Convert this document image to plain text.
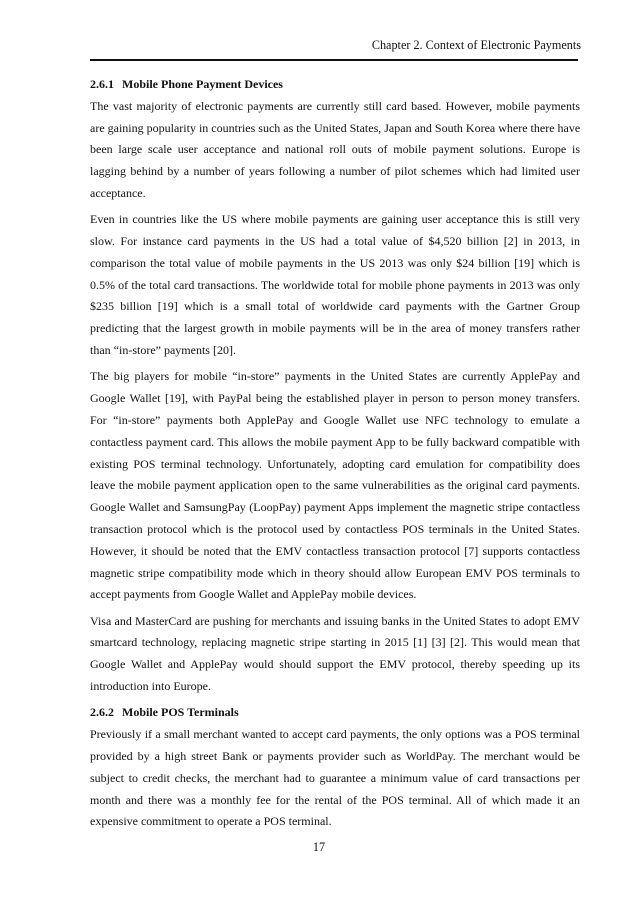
Chapter 2. Context of Electronic Payments
2.6.1 Mobile Phone Payment Devices
The vast majority of electronic payments are currently still card based. However, mobile payments
are gaining popularity in countries such as the United States, Japan and South Korea where there have
been large scale user acceptance and national roll outs of mobile payment solutions. Europe is
lagging behind by a number of years following a number of pilot schemes which had limited user
acceptance.
Even in countries like the US where mobile payments are gaining user acceptance this is still very
slow. For instance card payments in the US had a total value of $4,520 billion [2] in 2013, in
comparison the total value of mobile payments in the US 2013 was only $24 billion [19] which is
0.5% of the total card transactions. The worldwide total for mobile phone payments in 2013 was only
$235 billion [19] which is a small total of worldwide card payments with the Gartner Group
predicting that the largest growth in mobile payments will be in the area of money transfers rather
than “in-store” payments [20].
The big players for mobile “in-store” payments in the United States are currently ApplePay and
Google Wallet [19], with PayPal being the established player in person to person money transfers.
For “in-store” payments both ApplePay and Google Wallet use NFC technology to emulate a
contactless payment card. This allows the mobile payment App to be fully backward compatible with
existing POS terminal technology. Unfortunately, adopting card emulation for compatibility does
leave the mobile payment application open to the same vulnerabilities as the original card payments.
Google Wallet and SamsungPay (LoopPay) payment Apps implement the magnetic stripe contactless
transaction protocol which is the protocol used by contactless POS terminals in the United States.
However, it should be noted that the EMV contactless transaction protocol [7] supports contactless
magnetic stripe compatibility mode which in theory should allow European EMV POS terminals to
accept payments from Google Wallet and ApplePay mobile devices.
Visa and MasterCard are pushing for merchants and issuing banks in the United States to adopt EMV
smartcard technology, replacing magnetic stripe starting in 2015 [1] [3] [2]. This would mean that
Google Wallet and ApplePay would should support the EMV protocol, thereby speeding up its
introduction into Europe.
2.6.2 Mobile POS Terminals
Previously if a small merchant wanted to accept card payments, the only options was a POS terminal
provided by a high street Bank or payments provider such as WorldPay. The merchant would be
subject to credit checks, the merchant had to guarantee a minimum value of card transactions per
month and there was a monthly fee for the rental of the POS terminal. All of which made it an
expensive commitment to operate a POS terminal.
17
